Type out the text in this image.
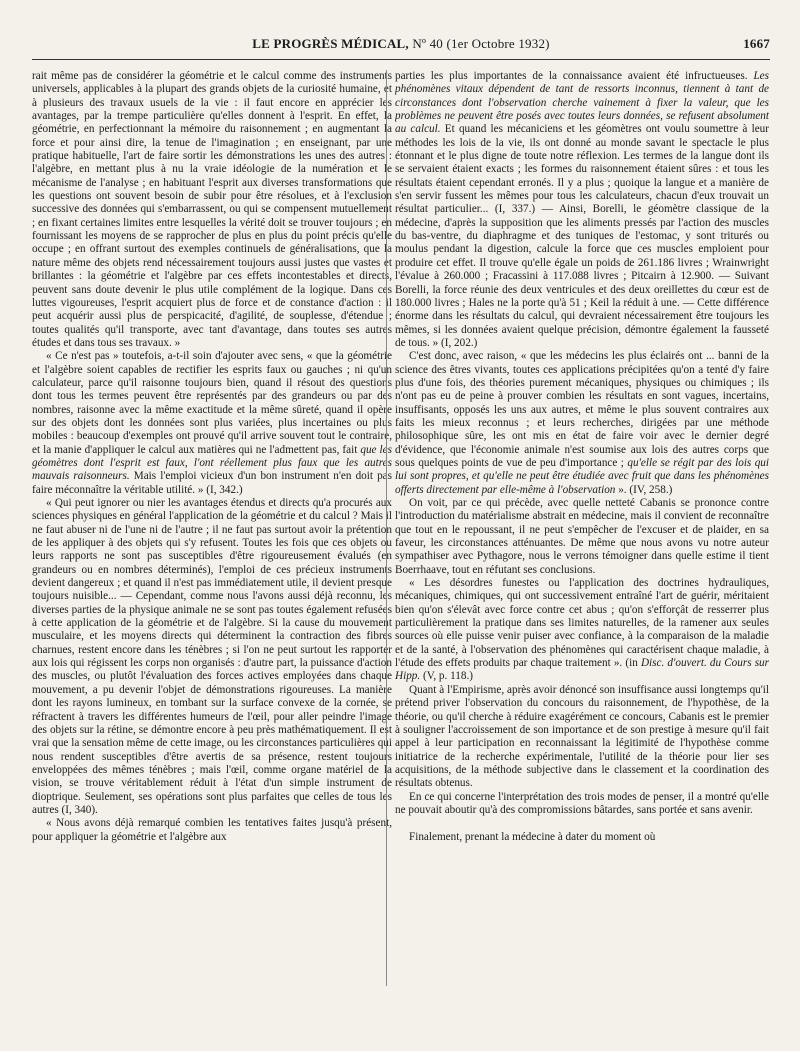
LE PROGRÈS MÉDICAL, Nº 40 (1er Octobre 1932)	1667

rait même pas de considérer la géométrie et le calcul comme des instruments universels, applicables à la plupart des grands objets de la curiosité humaine, et à plusieurs des travaux usuels de la vie : il faut encore en apprécier les avantages, par la trempe particulière qu'elles donnent à l'esprit. En effet, la géométrie, en perfectionnant la mémoire du raisonnement ; en augmentant la force et pour ainsi dire, la tenue de l'imagination ; en enseignant, par une pratique habituelle, l'art de faire sortir les démonstrations les unes des autres : l'algèbre, en mettant plus à nu la vraie idéologie de la numération et le mécanisme de l'analyse ; en habituant l'esprit aux diverses transformations que les questions ont souvent besoin de subir pour être résolues, et à l'exclusion successive des données qui s'embarrassent, ou qui se compensent mutuellement ; en fixant certaines limites entre lesquelles la vérité doit se trouver toujours ; en fournissant les moyens de se rapprocher de plus en plus du point précis qu'elle occupe ; en offrant surtout des exemples continuels de généralisations, que la nature même des objets rend nécessairement toujours aussi justes que vastes et brillantes : la géométrie et l'algèbre par ces effets incontestables et directs, peuvent sans doute devenir le plus utile complément de la logique. Dans ces luttes vigoureuses, l'esprit acquiert plus de force et de constance d'action : il peut acquérir aussi plus de perspicacité, d'agilité, de souplesse, d'étendue ; toutes qualités qu'il transporte, avec tant d'avantage, dans toutes ses autres études et dans tous ses travaux. »

« Ce n'est pas » toutefois, a-t-il soin d'ajouter avec sens, « que la géométrie et l'algèbre soient capables de rectifier les esprits faux ou gauches ; ni qu'un calculateur, parce qu'il raisonne toujours bien, quand il résout des questions dont tous les termes peuvent être représentés par des grandeurs ou par des nombres, raisonne avec la même exactitude et la même sûreté, quand il opère sur des objets dont les données sont plus variées, plus incertaines ou plus mobiles : beaucoup d'exemples ont prouvé qu'il arrive souvent tout le contraire, et la manie d'appliquer le calcul aux matières qui ne l'admettent pas, fait que les géomètres dont l'esprit est faux, l'ont réellement plus faux que les autres mauvais raisonneurs. Mais l'emploi vicieux d'un bon instrument n'en doit pas faire méconnaître la véritable utilité. » (I, 342.)

« Qui peut ignorer ou nier les avantages étendus et directs qu'a procurés aux sciences physiques en général l'application de la géométrie et du calcul ? Mais il ne faut abuser ni de l'une ni de l'autre ; il ne faut pas surtout avoir la prétention de les appliquer à des objets qui s'y refusent. Toutes les fois que ces objets ou leurs rapports ne sont pas susceptibles d'être rigoureusement évalués (en grandeurs ou en nombres déterminés), l'emploi de ces précieux instruments devient dangereux ; et quand il n'est pas immédiatement utile, il devient presque toujours nuisible... — Cependant, comme nous l'avons aussi déjà reconnu, les diverses parties de la physique animale ne se sont pas toutes également refusées à cette application de la géométrie et de l'algèbre. Si la cause du mouvement musculaire, et les moyens directs qui déterminent la contraction des fibres charnues, restent encore dans les ténèbres ; si l'on ne peut surtout les rapporter aux lois qui régissent les corps non organisés : d'autre part, la puissance d'action des muscles, ou plutôt l'évaluation des forces actives employées dans chaque mouvement, a pu devenir l'objet de démonstrations rigoureuses. La manière dont les rayons lumineux, en tombant sur la surface convexe de la cornée, se réfractent à travers les différentes humeurs de l'œil, pour aller peindre l'image des objets sur la rétine, se démontre encore à peu près mathématiquement. Il est vrai que la sensation même de cette image, ou les circonstances particulières qui nous rendent susceptibles d'être avertis de sa présence, restent toujours enveloppées des mêmes ténèbres ; mais l'œil, comme organe matériel de la vision, se trouve véritablement réduit à l'état d'un simple instrument de dioptrique. Seulement, ses opérations sont plus parfaites que celles de tous les autres (I, 340).

« Nous avons déjà remarqué combien les tentatives faites jusqu'à présent, pour appliquer la géométrie et l'algèbre aux

parties les plus importantes de la connaissance avaient été infructueuses. Les phénomènes vitaux dépendent de tant de ressorts inconnus, tiennent à tant de circonstances dont l'observation cherche vainement à fixer la valeur, que les problèmes ne peuvent être posés avec toutes leurs données, se refusent absolument au calcul. Et quand les mécaniciens et les géomètres ont voulu soumettre à leur méthodes les lois de la vie, ils ont donné au monde savant le spectacle le plus étonnant et le plus digne de toute notre réflexion. Les termes de la langue dont ils se servaient étaient exacts ; les formes du raisonnement étaient sûres : et tous les résultats étaient cependant erronés. Il y a plus ; quoique la langue et a manière de s'en servir fussent les mêmes pour tous les calculateurs, chacun d'eux trouvait un résultat particulier... (I, 337.) — Ainsi, Borelli, le géomètre classique de la médecine, d'après la supposition que les aliments pressés par l'action des muscles du bas-ventre, du diaphragme et des tuniques de l'estomac, y sont triturés ou moulus pendant la digestion, calcule la force que ces muscles emploient pour produire cet effet. Il trouve qu'elle égale un poids de 261.186 livres ; Wrainwright l'évalue à 260.000 ; Fracassini à 117.088 livres ; Pitcairn à 12.900. — Suivant Borelli, la force réunie des deux ventricules et des deux oreillettes du cœur est de 180.000 livres ; Hales ne la porte qu'à 51 ; Keil la réduit à une. — Cette différence énorme dans les résultats du calcul, qui devraient nécessairement être toujours les mêmes, si les données avaient quelque précision, démontre également la fausseté de tous. » (I, 202.)

C'est donc, avec raison, « que les médecins les plus éclairés ont ... banni de la science des êtres vivants, toutes ces applications précipitées qu'on a tenté d'y faire plus d'une fois, des théories purement mécaniques, physiques ou chimiques ; ils n'ont pas eu de peine à prouver combien les résultats en sont vagues, incertains, insuffisants, opposés les uns aux autres, et même le plus souvent contraires aux faits les mieux reconnus ; et leurs recherches, dirigées par une méthode philosophique sûre, les ont mis en état de faire voir avec le dernier degré d'évidence, que l'économie animale n'est soumise aux lois des autres corps que sous quelques points de vue de peu d'importance ; qu'elle se régit par des lois qui lui sont propres, et qu'elle ne peut être étudiée avec fruit que dans les phénomènes offerts directement par elle-même à l'observation ». (IV, 258.)

On voit, par ce qui précède, avec quelle netteté Cabanis se prononce contre l'introduction du matérialisme abstrait en médecine, mais il convient de reconnaître que tout en le repoussant, il ne peut s'empêcher de l'excuser et de plaider, en sa faveur, les circonstances atténuantes. De même que nous avons vu notre auteur sympathiser avec Pythagore, nous le verrons témoigner dans quelle estime il tient Boerrhaave, tout en réfutant ses conclusions.

« Les désordres funestes ou l'application des doctrines hydrauliques, mécaniques, chimiques, qui ont successivement entraîné l'art de guérir, méritaient bien qu'on s'élevât avec force contre cet abus ; qu'on s'efforçât de resserrer plus particulièrement la pratique dans ses limites naturelles, de la ramener aux seules sources où elle puisse venir puiser avec confiance, à la comparaison de la maladie et de la santé, à l'observation des phénomènes qui caractérisent chaque maladie, à l'étude des effets produits par chaque traitement ». (in Disc. d'ouvert. du Cours sur Hipp. (V, p. 118.)

Quant à l'Empirisme, après avoir dénoncé son insuffisance aussi longtemps qu'il prétend priver l'observation du concours du raisonnement, de l'hypothèse, de la théorie, ou qu'il cherche à réduire exagérément ce concours, Cabanis est le premier à souligner l'accroissement de son importance et de son prestige à mesure qu'il fait appel à leur participation en reconnaissant la légitimité de l'hypothèse comme initiatrice de la recherche expérimentale, l'utilité de la théorie pour lier ses acquisitions, de la méthode subjective dans le classement et la coordination des résultats obtenus.

En ce qui concerne l'interprétation des trois modes de penser, il a montré qu'elle ne pouvait aboutir qu'à des compromissions bâtardes, sans portée et sans avenir.

Finalement, prenant la médecine à dater du moment où
